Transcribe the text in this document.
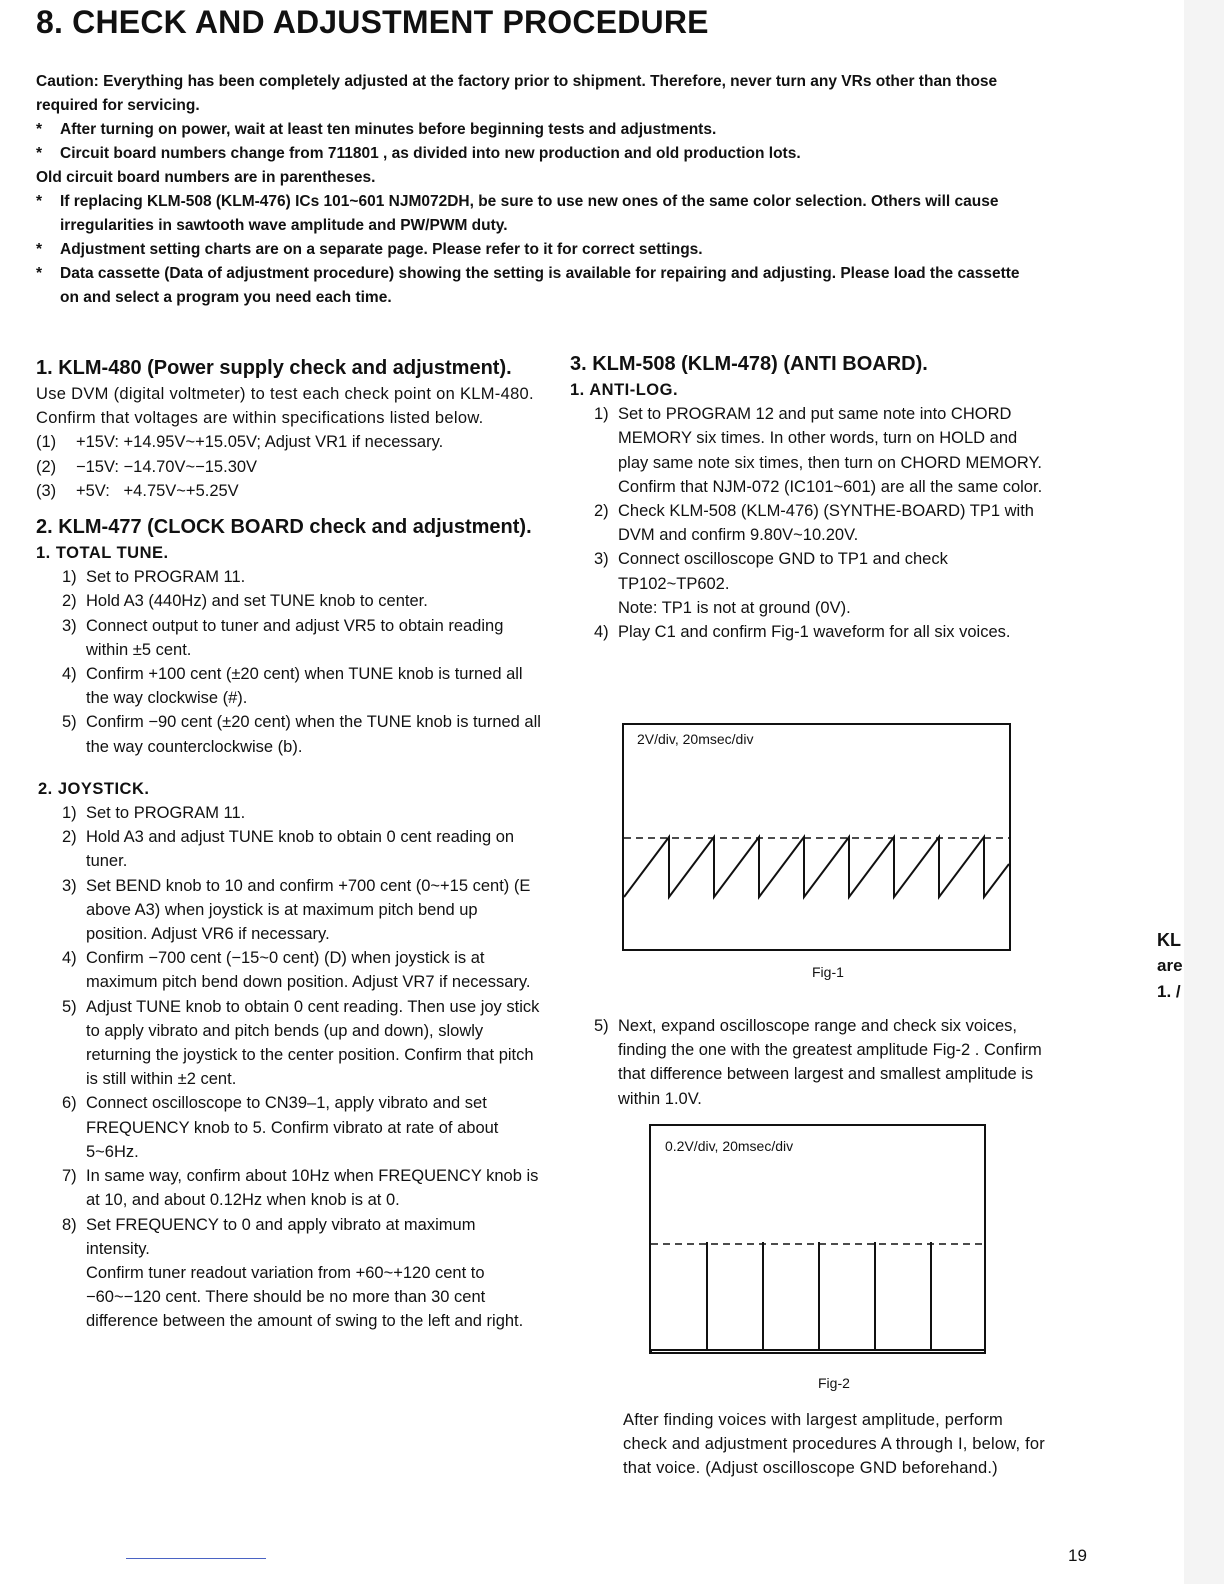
8. CHECK AND ADJUSTMENT PROCEDURE

Caution: Everything has been completely adjusted at the factory prior to shipment. Therefore, never turn any VRs other than those required for servicing.

* After turning on power, wait at least ten minutes before beginning tests and adjustments.
* Circuit board numbers change from 711801 , as divided into new production and old production lots.

Old circuit board numbers are in parentheses.

* If replacing KLM-508 (KLM-476) ICs 101~601 NJM072DH, be sure to use new ones of the same color selection. Others will cause irregularities in sawtooth wave amplitude and PW/PWM duty.
* Adjustment setting charts are on a separate page. Please refer to it for correct settings.
* Data cassette (Data of adjustment procedure) showing the setting is available for repairing and adjusting. Please load the cassette on and select a program you need each time.
1. KLM-480 (Power supply check and adjustment).

Use DVM (digital voltmeter) to test each check point on KLM-480. Confirm that voltages are within specifications listed below.

(1) +15V: +14.95V~+15.05V; Adjust VR1 if necessary.
(2) −15V: −14.70V~−15.30V
(3) +5V:   +4.75V~+5.25V
2. KLM-477 (CLOCK BOARD check and adjustment).
1. TOTAL TUNE.
1) Set to PROGRAM 11.
2) Hold A3 (440Hz) and set TUNE knob to center.
3) Connect output to tuner and adjust VR5 to obtain reading within ±5 cent.
4) Confirm +100 cent (±20 cent) when TUNE knob is turned all the way clockwise (#).
5) Confirm −90 cent (±20 cent) when the TUNE knob is turned all the way counterclockwise (b).
2. JOYSTICK.
1) Set to PROGRAM 11.
2) Hold A3 and adjust TUNE knob to obtain 0 cent reading on tuner.
3) Set BEND knob to 10 and confirm +700 cent (0~+15 cent) (E above A3) when joystick is at maximum pitch bend up position. Adjust VR6 if necessary.
4) Confirm −700 cent (−15~0 cent) (D) when joystick is at maximum pitch bend down position. Adjust VR7 if necessary.
5) Adjust TUNE knob to obtain 0 cent reading. Then use joy stick to apply vibrato and pitch bends (up and down), slowly returning the joystick to the center position. Confirm that pitch is still within ±2 cent.
6) Connect oscilloscope to CN39–1, apply vibrato and set FREQUENCY knob to 5. Confirm vibrato at rate of about 5~6Hz.
7) In same way, confirm about 10Hz when FREQUENCY knob is at 10, and about 0.12Hz when knob is at 0.
8) Set FREQUENCY to 0 and apply vibrato at maximum intensity.
Confirm tuner readout variation from +60~+120 cent to −60~−120 cent. There should be no more than 30 cent difference between the amount of swing to the left and right.
3. KLM-508 (KLM-478) (ANTI BOARD).
1. ANTI-LOG.
1) Set to PROGRAM 12 and put same note into CHORD MEMORY six times. In other words, turn on HOLD and play same note six times, then turn on CHORD MEMORY.
Confirm that NJM-072 (IC101~601) are all the same color.
2) Check KLM-508 (KLM-476) (SYNTHE-BOARD) TP1 with DVM and confirm 9.80V~10.20V.
3) Connect oscilloscope GND to TP1 and check TP102~TP602.
Note: TP1 is not at ground (0V).
4) Play C1 and confirm Fig-1 waveform for all six voices.
2V/div, 20msec/div
Fig-1
5) Next, expand oscilloscope range and check six voices, finding the one with the greatest amplitude Fig-2 . Confirm that difference between largest and smallest amplitude is within 1.0V.
0.2V/div, 20msec/diᴠ
Fig-2
After finding voices with largest amplitude, perform check and adjustment procedures A through I, below, for that voice. (Adjust oscilloscope GND beforehand.)
KL
are
1. /
19
